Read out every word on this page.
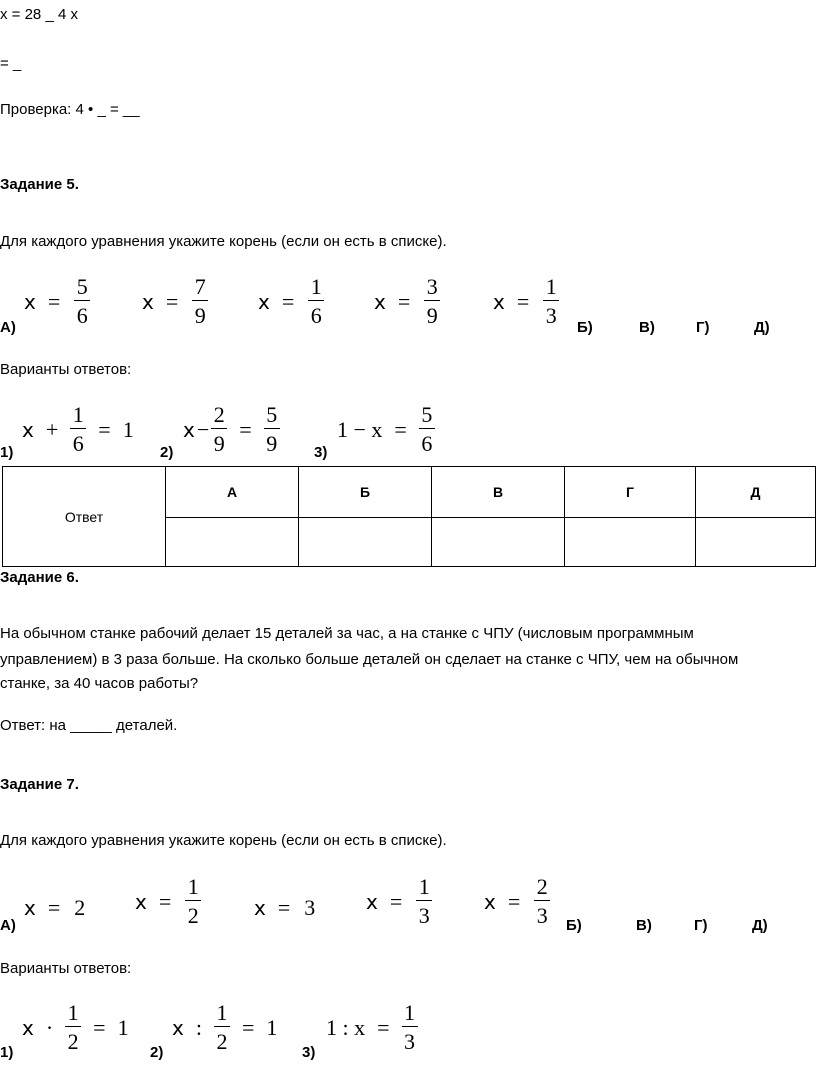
x = 28 _ 4 x
= _
Проверка: 4 • _ = __
Задание 5.
Для каждого уравнения укажите корень (если он есть в списке).
$x = \frac{5}{6}$	$x = \frac{7}{9}$ $x = \frac{1}{6}$ $x = \frac{3}{9}$	$x = \frac{1}{3}$
А)	Б)	В)	Г)	Д)
Варианты ответов:
$x + \frac{1}{6} = 1$ $x - \frac{2}{9} = \frac{5}{9}$	$1 - x = \frac{5}{6}$
1)	2)	3)
Ответ	А	Б	В	Г	Д

Задание 6.
На обычном станке рабочий делает 15 деталей за час, а на станке с ЧПУ (числовым программным
управлением) в 3 раза больше. На сколько больше деталей он сделает на станке с ЧПУ, чем на обычном
станке, за 40 часов работы?
Ответ: на _____ деталей.
Задание 7.
Для каждого уравнения укажите корень (если он есть в списке).
x = 2 $x = \frac{1}{2}$	x = 3	$x = \frac{1}{3}$	$x = \frac{2}{3}$
А)	Б)	В)	Г)	Д)
Варианты ответов:
$x \cdot \frac{1}{2} = 1$ x : $\frac{1}{2} = 1$ 1 : $x = \frac{1}{3}$
1)	2)	3)
